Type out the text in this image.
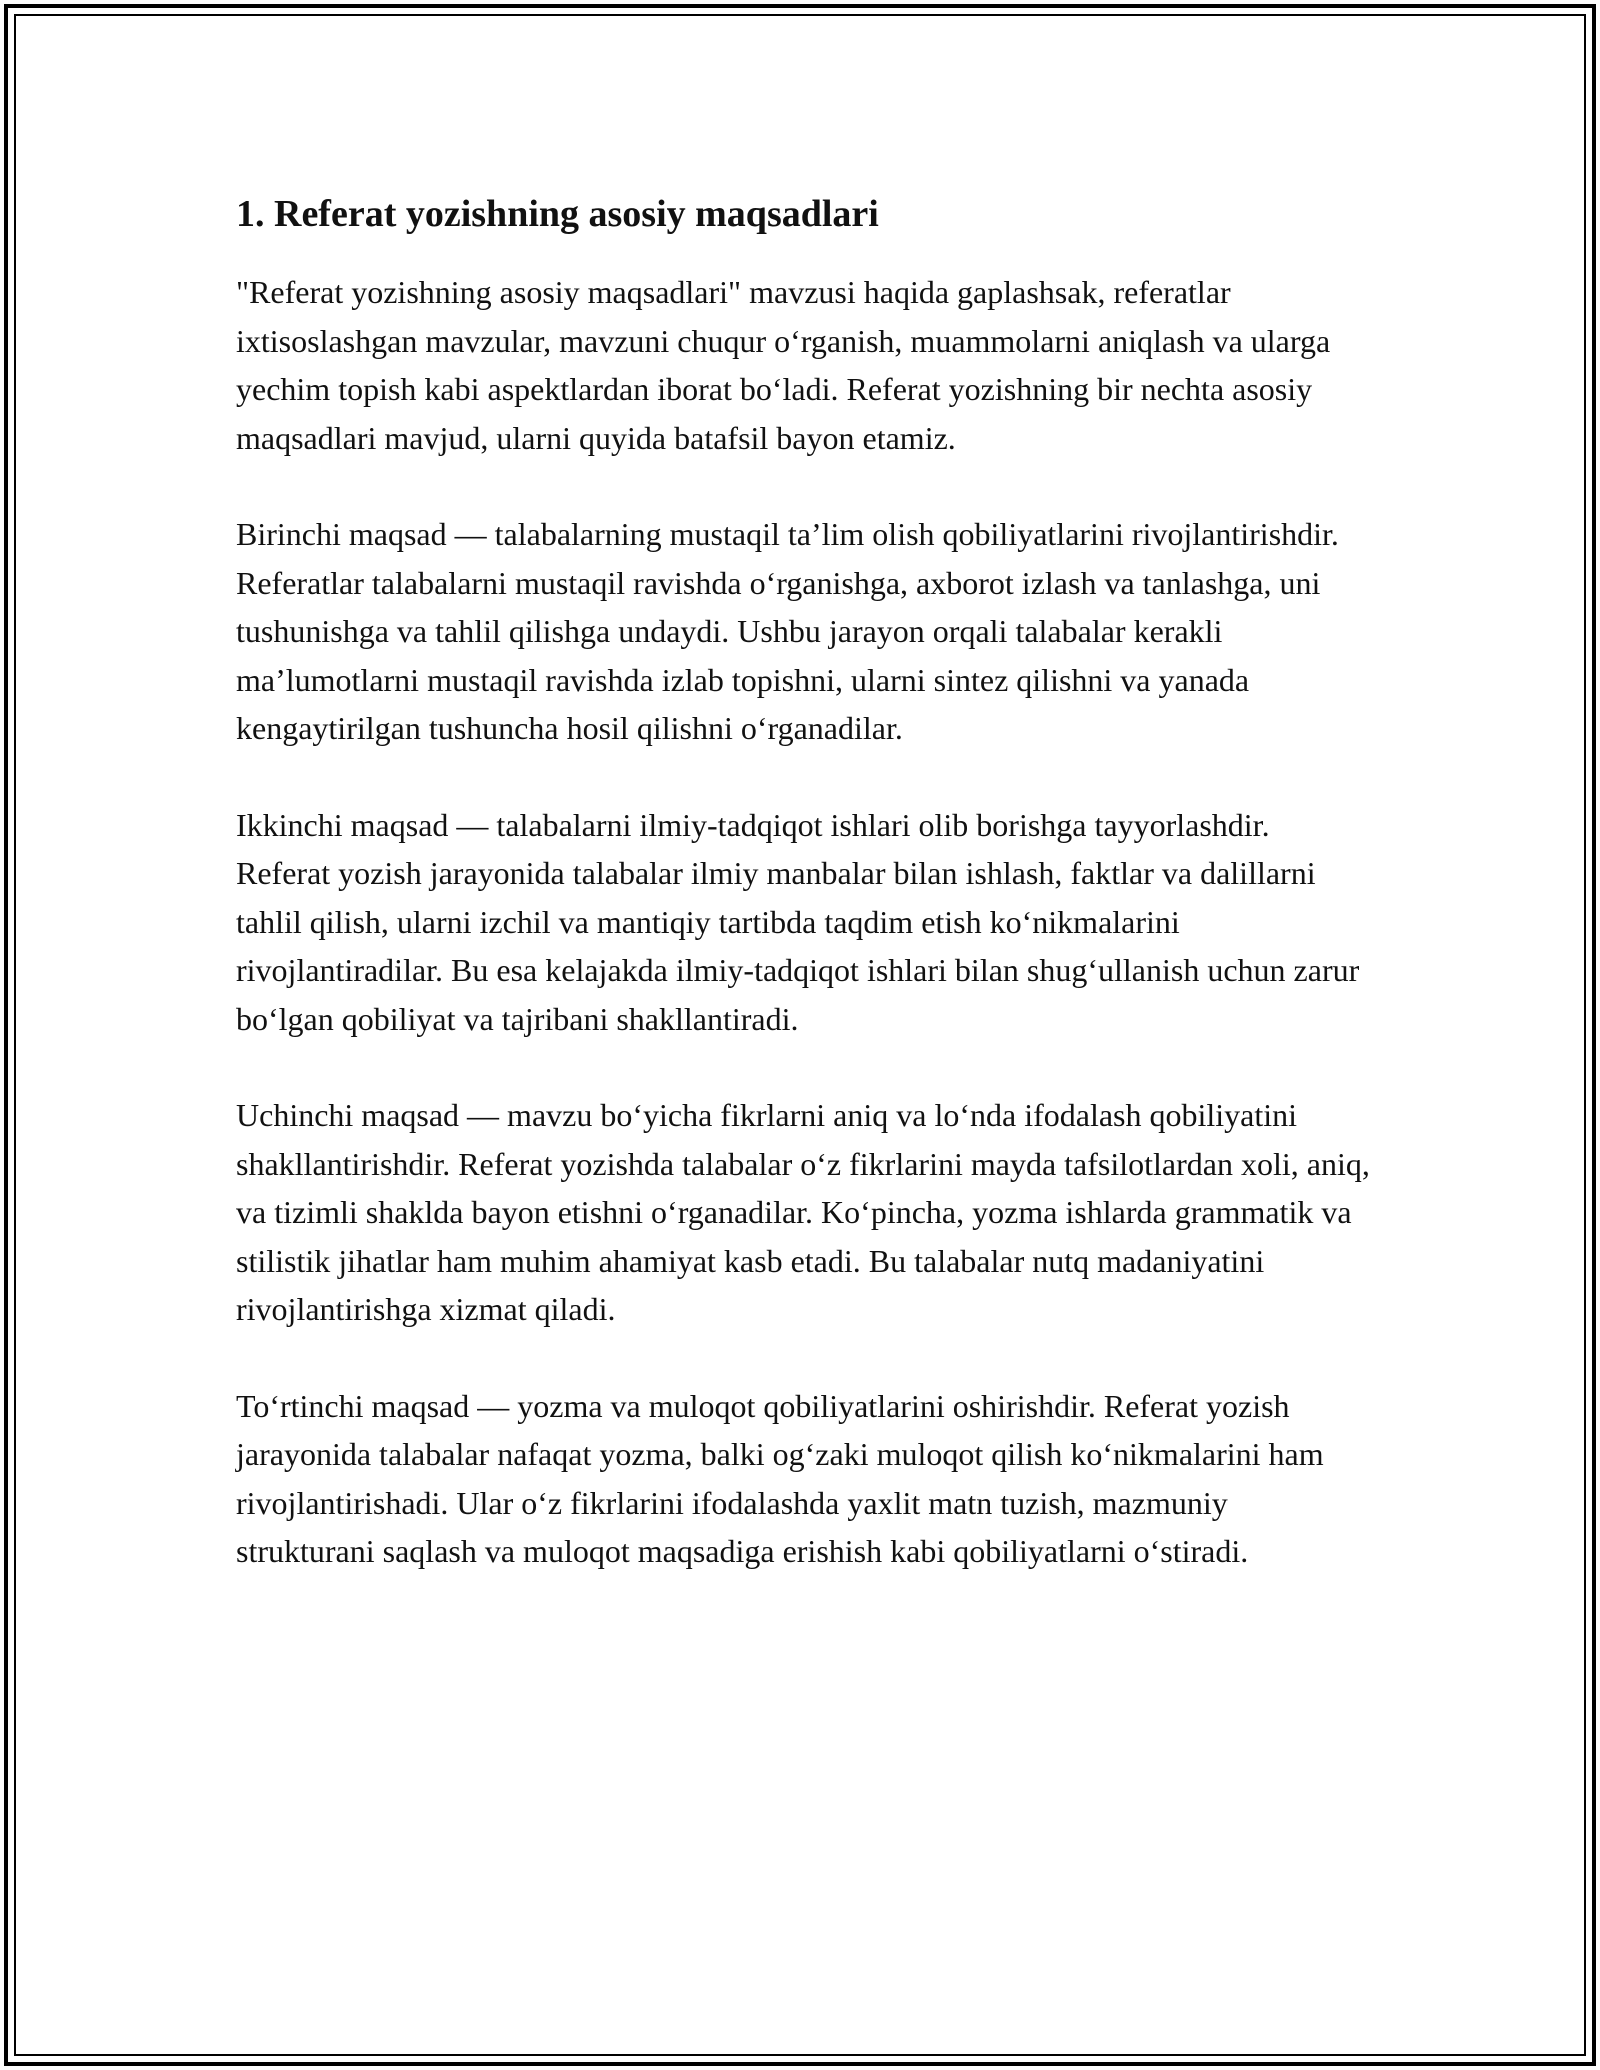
1. Referat yozishning asosiy maqsadlari

"Referat yozishning asosiy maqsadlari" mavzusi haqida gaplashsak, referatlar ixtisoslashgan mavzular, mavzuni chuqur o‘rganish, muammolarni aniqlash va ularga yechim topish kabi aspektlardan iborat bo‘ladi. Referat yozishning bir nechta asosiy maqsadlari mavjud, ularni quyida batafsil bayon etamiz.

Birinchi maqsad — talabalarning mustaqil ta’lim olish qobiliyatlarini rivojlantirishdir. Referatlar talabalarni mustaqil ravishda o‘rganishga, axborot izlash va tanlashga, uni tushunishga va tahlil qilishga undaydi. Ushbu jarayon orqali talabalar kerakli ma’lumotlarni mustaqil ravishda izlab topishni, ularni sintez qilishni va yanada kengaytirilgan tushuncha hosil qilishni o‘rganadilar.

Ikkinchi maqsad — talabalarni ilmiy-tadqiqot ishlari olib borishga tayyorlashdir. Referat yozish jarayonida talabalar ilmiy manbalar bilan ishlash, faktlar va dalillarni tahlil qilish, ularni izchil va mantiqiy tartibda taqdim etish ko‘nikmalarini rivojlantiradilar. Bu esa kelajakda ilmiy-tadqiqot ishlari bilan shug‘ullanish uchun zarur bo‘lgan qobiliyat va tajribani shakllantiradi.

Uchinchi maqsad — mavzu bo‘yicha fikrlarni aniq va lo‘nda ifodalash qobiliyatini shakllantirishdir. Referat yozishda talabalar o‘z fikrlarini mayda tafsilotlardan xoli, aniq, va tizimli shaklda bayon etishni o‘rganadilar. Ko‘pincha, yozma ishlarda grammatik va stilistik jihatlar ham muhim ahamiyat kasb etadi. Bu talabalar nutq madaniyatini rivojlantirishga xizmat qiladi.

To‘rtinchi maqsad — yozma va muloqot qobiliyatlarini oshirishdir. Referat yozish jarayonida talabalar nafaqat yozma, balki og‘zaki muloqot qilish ko‘nikmalarini ham rivojlantirishadi. Ular o‘z fikrlarini ifodalashda yaxlit matn tuzish, mazmuniy strukturani saqlash va muloqot maqsadiga erishish kabi qobiliyatlarni o‘stiradi.
